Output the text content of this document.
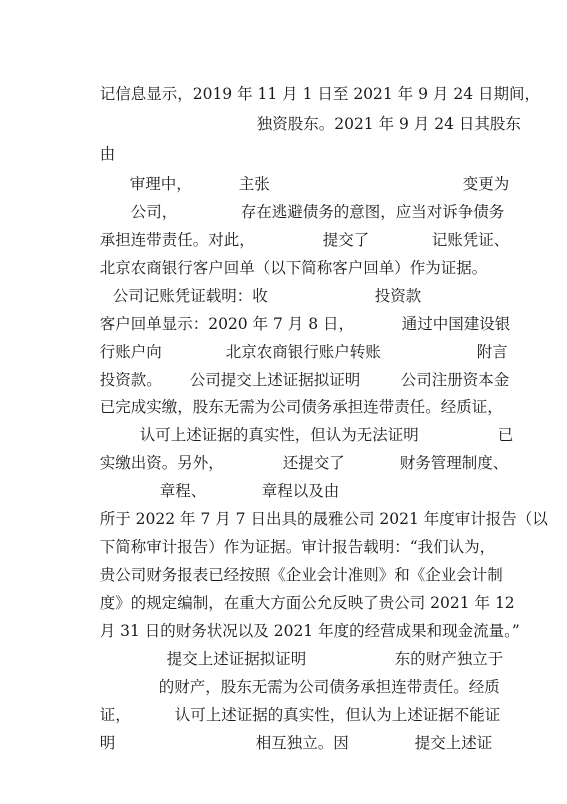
记信息显示，2019 年 11 月 1 日至 2021 年 9 月 24 日期间，

独资股东。2021 年 9 月 24 日其股东

由

审理中，
	主张
	变更为

公司，
	存在逃避债务的意图，应当对诉争债务

承担连带责任。对此，
	提交了
	记账凭证、

北京农商银行客户回单（以下简称客户回单）作为证据。

公司记账凭证载明：收
	投资款

客户回单显示：2020 年 7 月 8 日，
	通过中国建设银

行账户向
	北京农商银行账户转账
	附言

投资款。
	公司提交上述证据拟证明
	公司注册资本金

已完成实缴，股东无需为公司债务承担连带责任。经质证，

认可上述证据的真实性，但认为无法证明
	已

实缴出资。另外，
	还提交了
	财务管理制度、

章程、
	章程以及由

所于 2022 年 7 月 7 日出具的晟雅公司 2021 年度审计报告（以

下简称审计报告）作为证据。审计报告载明：“我们认为，

贵公司财务报表已经按照《企业会计准则》和《企业会计制

度》的规定编制，在重大方面公允反映了贵公司 2021 年 12

月 31 日的财务状况以及 2021 年度的经营成果和现金流量。”

提交上述证据拟证明
	东的财产独立于

的财产，股东无需为公司债务承担连带责任。经质

证，
	认可上述证据的真实性，但认为上述证据不能证

明
	相互独立。因
	提交上述证
